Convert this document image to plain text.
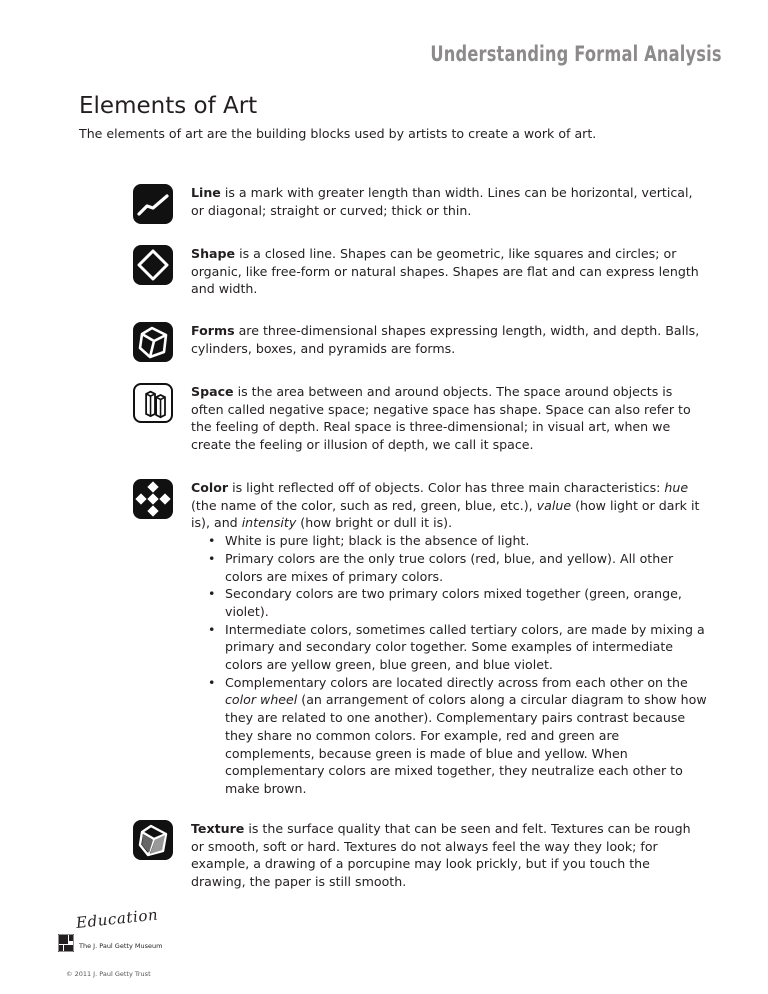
Understanding Formal Analysis
Elements of Art

The elements of art are the building blocks used by artists to create a work of art.

Line is a mark with greater length than width. Lines can be horizontal, vertical, or diagonal; straight or curved; thick or thin.

Shape is a closed line. Shapes can be geometric, like squares and circles; or organic, like free-form or natural shapes. Shapes are flat and can express length and width.

Forms are three-dimensional shapes expressing length, width, and depth. Balls, cylinders, boxes, and pyramids are forms.

Space is the area between and around objects. The space around objects is often called negative space; negative space has shape. Space can also refer to the feeling of depth. Real space is three-dimensional; in visual art, when we create the feeling or illusion of depth, we call it space.

Color is light reflected off of objects. Color has three main characteristics: hue (the name of the color, such as red, green, blue, etc.), value (how light or dark it is), and intensity (how bright or dull it is).
• White is pure light; black is the absence of light.
• Primary colors are the only true colors (red, blue, and yellow). All other colors are mixes of primary colors.
• Secondary colors are two primary colors mixed together (green, orange, violet).
• Intermediate colors, sometimes called tertiary colors, are made by mixing a primary and secondary color together. Some examples of intermediate colors are yellow green, blue green, and blue violet.
• Complementary colors are located directly across from each other on the color wheel (an arrangement of colors along a circular diagram to show how they are related to one another). Complementary pairs contrast because they share no common colors. For example, red and green are complements, because green is made of blue and yellow. When complementary colors are mixed together, they neutralize each other to make brown.

Texture is the surface quality that can be seen and felt. Textures can be rough or smooth, soft or hard. Textures do not always feel the way they look; for example, a drawing of a porcupine may look prickly, but if you touch the drawing, the paper is still smooth.

Education
The J. Paul Getty Museum
© 2011 J. Paul Getty Trust
